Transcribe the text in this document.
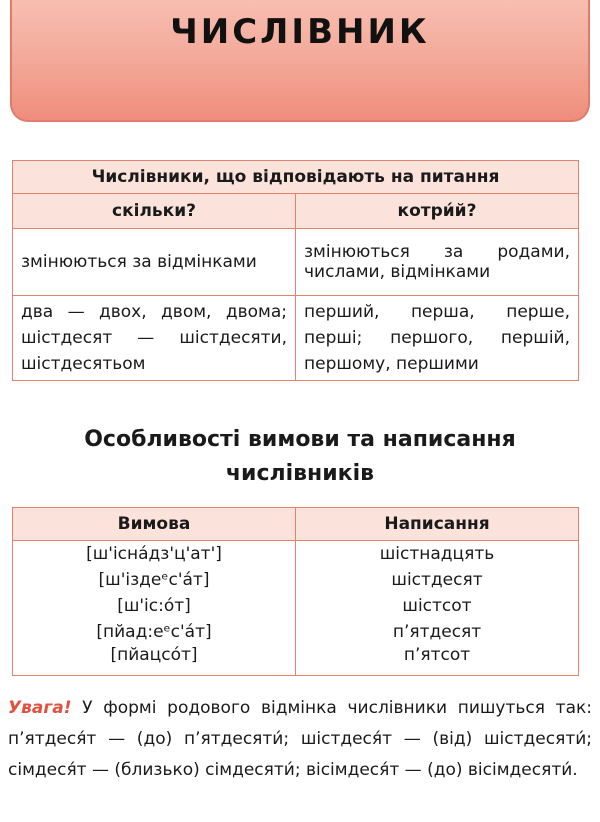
ЧИСЛІВНИК
Числівники, що відповідають на питання	
скільки?	котри́й?
змінюються за відмінками	змінюються за родами, числами, відмінками
два — двох, двом, двома; шістдесят — шістдесяти, шістдесятьом	перший, перша, перше, перші; першого, першій, першому, першими
Особливості вимови та написання
числівників
Вимова	Написання
[ш'існáдз'ц'ат']	шістнадцять
[ш'іздеᵉс'áт]	шістдесят
[ш'іс:óт]	шістсот
[пйад:еᵉс'áт]	п’ятдесят
[пйацсóт]	п’ятсот
Увага! У формі родового відмінка числівники пишуться так: п’ятдеся́т — (до) п’ятдесяти́; шістдеся́т — (від) шістдесяти́; сімдеся́т — (близько) сімдесяти́; вісімдеся́т — (до) вісімдесяти́.
